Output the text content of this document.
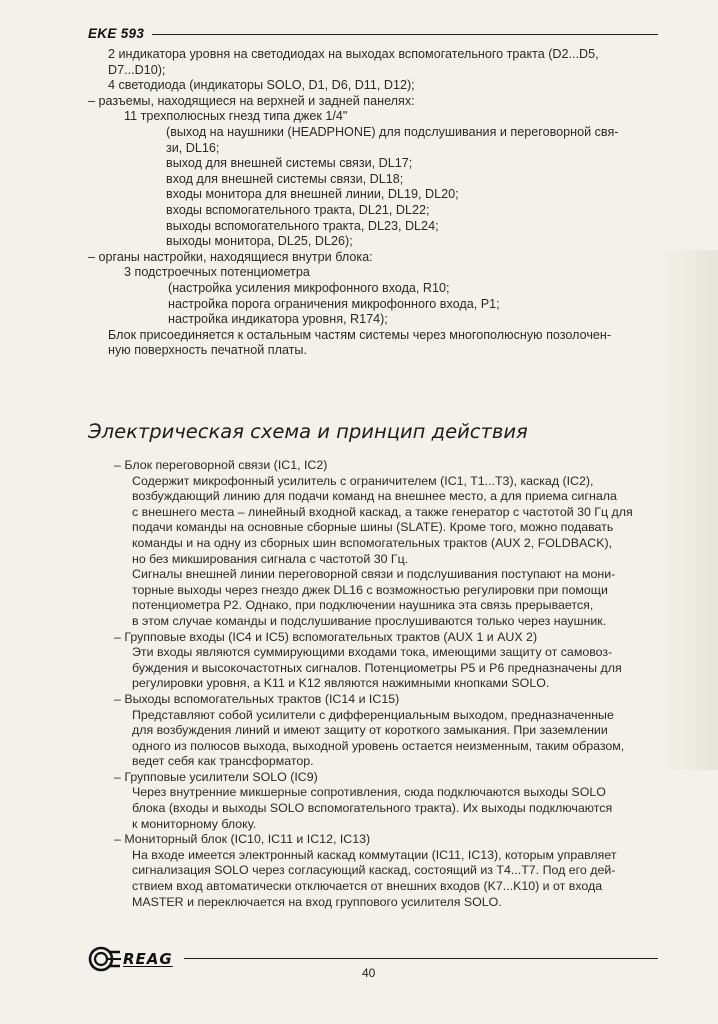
EKE 593
2 индикатора уровня на светодиодах на выходах вспомогательного тракта (D2...D5,
D7...D10);
4 светодиода (индикаторы SOLO, D1, D6, D11, D12);
– разъемы, находящиеся на верхней и задней панелях:
11 трехполюсных гнезд типа джек 1/4"
(выход на наушники (HEADPHONE) для подслушивания и переговорной свя-
зи, DL16;
выход для внешней системы связи, DL17;
вход для внешней системы связи, DL18;
входы монитора для внешней линии, DL19, DL20;
входы вспомогательного тракта, DL21, DL22;
выходы вспомогательного тракта, DL23, DL24;
выходы монитора, DL25, DL26);
– органы настройки, находящиеся внутри блока:
3 подстроечных потенциометра
(настройка усиления микрофонного входа, R10;
настройка порога ограничения микрофонного входа, P1;
настройка индикатора уровня, R174);
Блок присоединяется к остальным частям системы через многополюсную позолочен-
ную поверхность печатной платы.
Электрическая схема и принцип действия
– Блок переговорной связи (IC1, IC2)
Содержит микрофонный усилитель с ограничителем (IC1, T1...T3), каскад (IC2),
возбуждающий линию для подачи команд на внешнее место, а для приема сигнала
с внешнего места – линейный входной каскад, а также генератор с частотой 30 Гц для
подачи команды на основные сборные шины (SLATE). Кроме того, можно подавать
команды и на одну из сборных шин вспомогательных трактов (AUX 2, FOLDBACK),
но без микширования сигнала с частотой 30 Гц.
Сигналы внешней линии переговорной связи и подслушивания поступают на мони-
торные выходы через гнездо джек DL16 с возможностью регулировки при помощи
потенциометра P2. Однако, при подключении наушника эта связь прерывается,
в этом случае команды и подслушивание прослушиваются только через наушник.
– Групповые входы (IC4 и IC5) вспомогательных трактов (AUX 1 и AUX 2)
Эти входы являются суммирующими входами тока, имеющими защиту от самовоз-
буждения и высокочастотных сигналов. Потенциометры P5 и P6 предназначены для
регулировки уровня, а K11 и K12 являются нажимными кнопками SOLO.
– Выходы вспомогательных трактов (IC14 и IC15)
Представляют собой усилители с дифференциальным выходом, предназначенные
для возбуждения линий и имеют защиту от короткого замыкания. При заземлении
одного из полюсов выхода, выходной уровень остается неизменным, таким образом,
ведет себя как трансформатор.
– Групповые усилители SOLO (IC9)
Через внутренние микшерные сопротивления, сюда подключаются выходы SOLO
блока (входы и выходы SOLO вспомогательного тракта). Их выходы подключаются
к мониторному блоку.
– Мониторный блок (IC10, IC11 и IC12, IC13)
На входе имеется электронный каскад коммутации (IC11, IC13), которым управляет
сигнализация SOLO через согласующий каскад, состоящий из T4...T7. Под его дей-
ствием вход автоматически отключается от внешних входов (K7...K10) и от входа
MASTER и переключается на вход группового усилителя SOLO.
REAG
40
